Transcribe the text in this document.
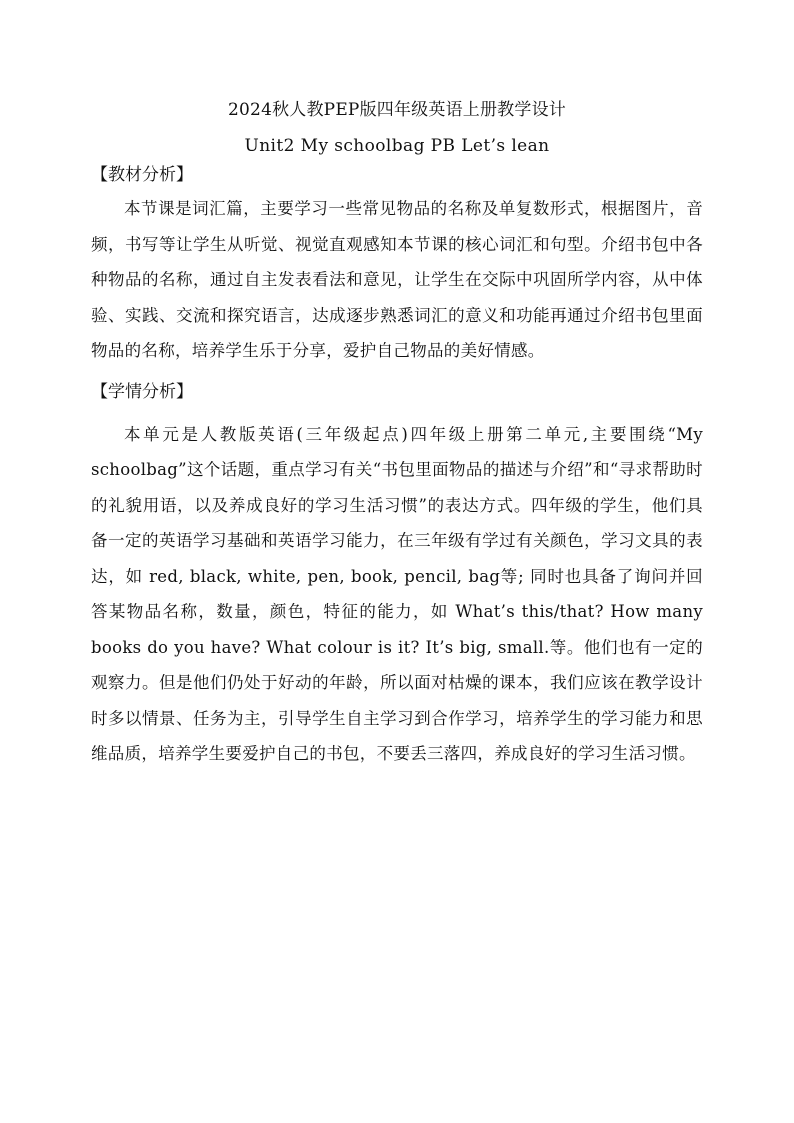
2024秋人教PEP版四年级英语上册教学设计
Unit2 My schoolbag PB Let’s lean
【教材分析】

本节课是词汇篇，主要学习一些常见物品的名称及单复数形式，根据图片，音频，书写等让学生从听觉、视觉直观感知本节课的核心词汇和句型。介绍书包中各种物品的名称，通过自主发表看法和意见，让学生在交际中巩固所学内容，从中体验、实践、交流和探究语言，达成逐步熟悉词汇的意义和功能再通过介绍书包里面物品的名称，培养学生乐于分享，爱护自己物品的美好情感。

【学情分析】

本单元是人教版英语(三年级起点)四年级上册第二单元,主要围绕“My schoolbag”这个话题，重点学习有关“书包里面物品的描述与介绍”和“寻求帮助时的礼貌用语，以及养成良好的学习生活习惯”的表达方式。四年级的学生，他们具备一定的英语学习基础和英语学习能力，在三年级有学过有关颜色，学习文具的表达，如 red, black, white, pen, book, pencil, bag等; 同时也具备了询问并回答某物品名称，数量，颜色，特征的能力，如 What’s this/that? How many books do you have? What colour is it? It’s big, small.等。他们也有一定的观察力。但是他们仍处于好动的年龄，所以面对枯燥的课本，我们应该在教学设计时多以情景、任务为主，引导学生自主学习到合作学习，培养学生的学习能力和思维品质，培养学生要爱护自己的书包，不要丢三落四，养成良好的学习生活习惯。
